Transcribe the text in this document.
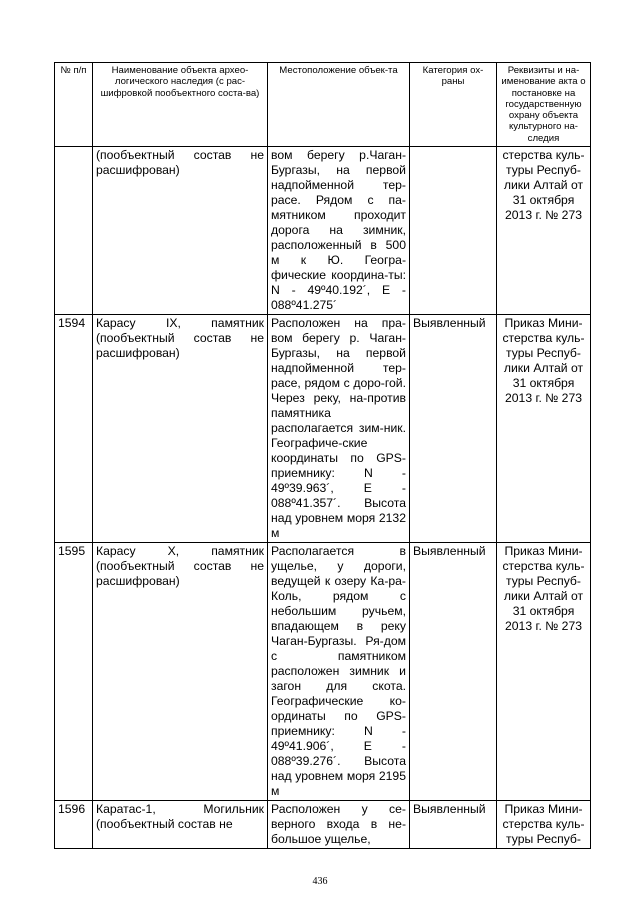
№ п/п	Наименование объекта архео-логического наследия (с рас-шифровкой пообъектного соста-ва)	Местоположение объек-та	Категория ох-раны	Реквизиты и на-именование акта о постановке на государственную охрану объекта культурного на-следия
	(пообъектный состав не расшифрован)	вом берегу р.Чаган-Бургазы, на первой надпойменной тер-расе. Рядом с па-мятником проходит дорога на зимник, расположенный в 500 м к Ю. Геогра-фические координа-ты: N - 49º40.192´, E - 088º41.275´		стерства куль-туры Респуб-лики Алтай от 31 октября 2013 г. № 273
1594	Карасу IX, памятник (пообъектный состав не расшифрован)	Расположен на пра-вом берегу р. Чаган-Бургазы, на первой надпойменной тер-расе, рядом с доро-гой. Через реку, на-против памятника располагается зим-ник. Географиче-ские координаты по GPS-приемнику: N - 49º39.963´, E - 088º41.357´. Высота над уровнем моря 2132 м	Выявленный	Приказ Мини-стерства куль-туры Респуб-лики Алтай от 31 октября 2013 г. № 273
1595	Карасу X, памятник (пообъектный состав не расшифрован)	Располагается в ущелье, у дороги, ведущей к озеру Ка-ра-Коль, рядом с небольшим ручьем, впадающем в реку Чаган-Бургазы. Ря-дом с памятником расположен зимник и загон для скота. Географические ко-ординаты по GPS-приемнику: N - 49º41.906´, E - 088º39.276´. Высота над уровнем моря 2195 м	Выявленный	Приказ Мини-стерства куль-туры Респуб-лики Алтай от 31 октября 2013 г. № 273
1596	Каратас-1, Могильник (пообъектный состав не	Расположен у се-верного входа в не-большое ущелье,	Выявленный	Приказ Мини-стерства куль-туры Респуб-
436
